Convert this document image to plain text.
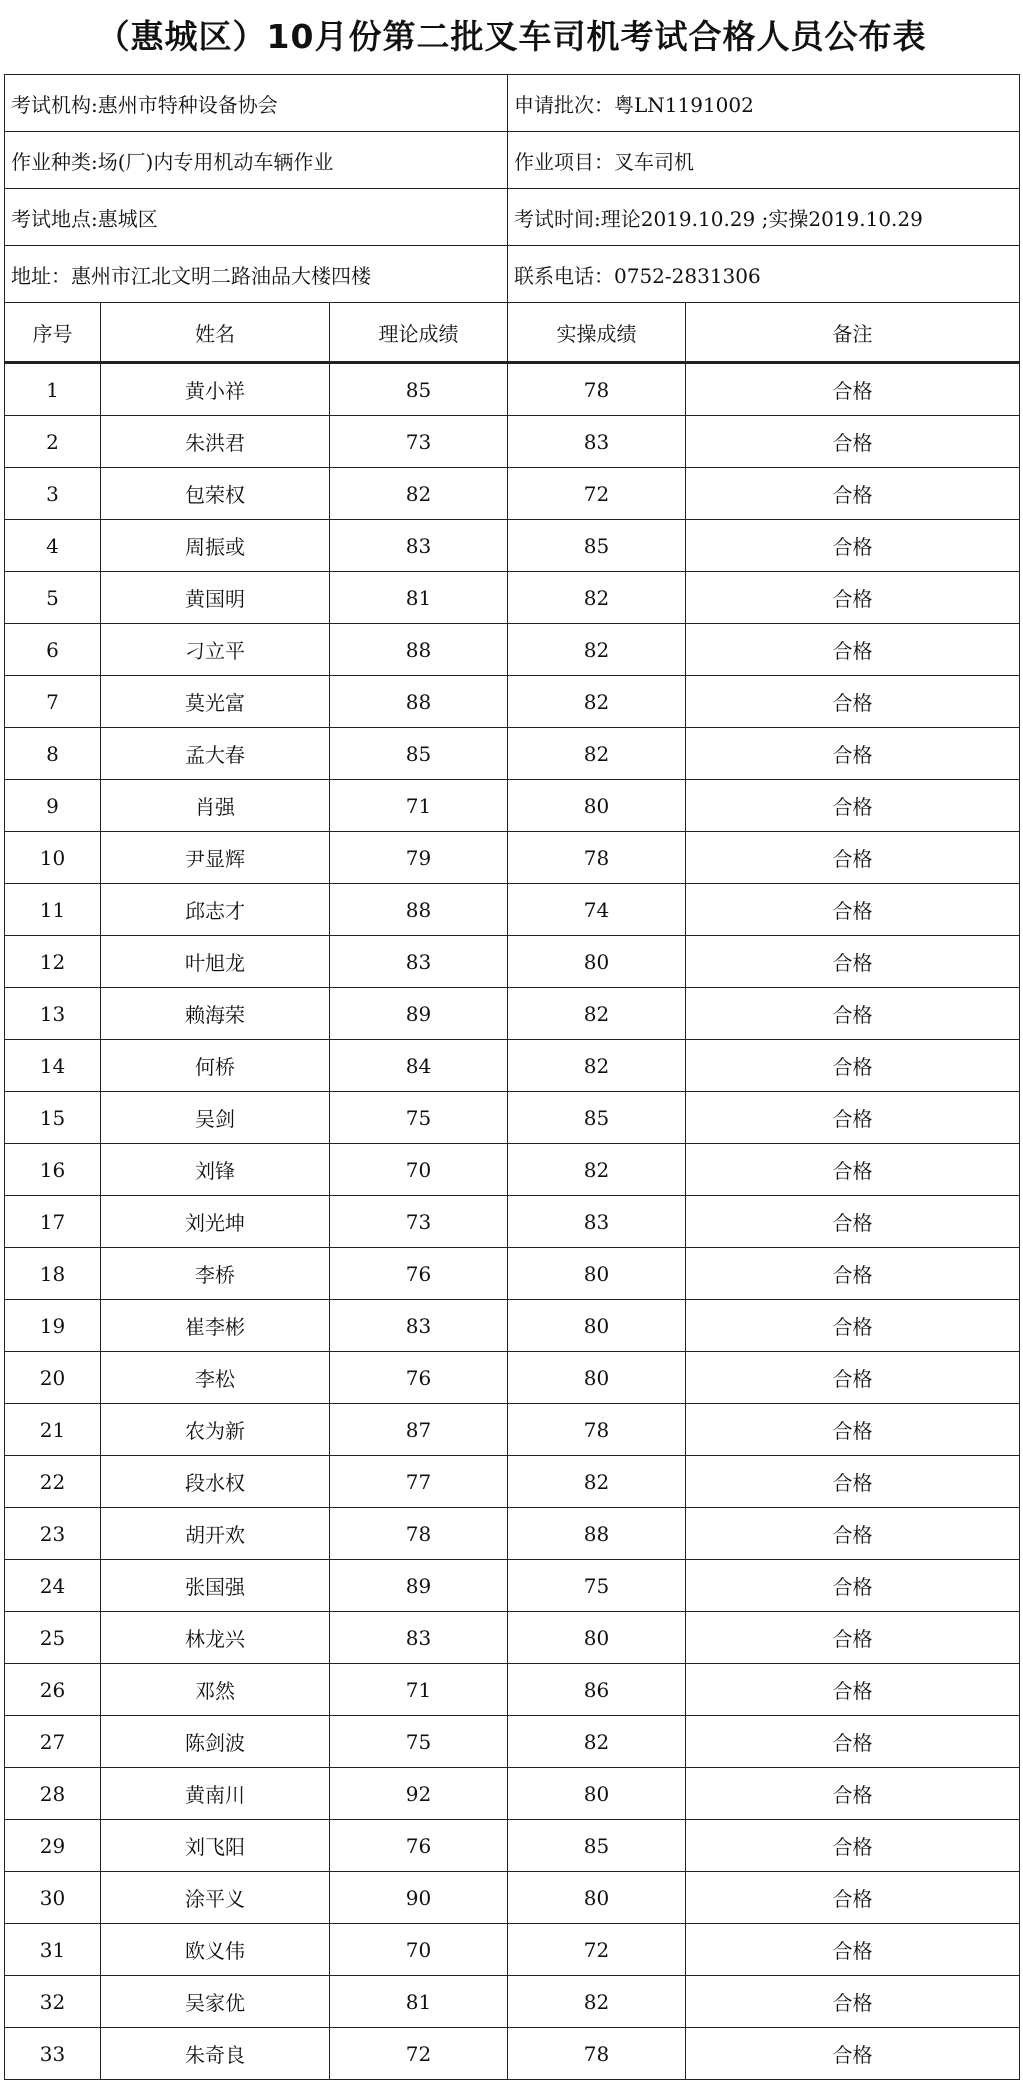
（惠城区）10月份第二批叉车司机考试合格人员公布表
考试机构:惠州市特种设备协会			申请批次：粤LN1191002	
作业种类:场(厂)内专用机动车辆作业			作业项目：叉车司机	
考试地点:惠城区			考试时间:理论2019.10.29 ;实操2019.10.29	
地址：惠州市江北文明二路油品大楼四楼			联系电话：0752-2831306	
序号	姓名	理论成绩	实操成绩	备注
1	黄小祥	85	78	合格
2	朱洪君	73	83	合格
3	包荣权	82	72	合格
4	周振或	83	85	合格
5	黄国明	81	82	合格
6	刁立平	88	82	合格
7	莫光富	88	82	合格
8	孟大春	85	82	合格
9	肖强	71	80	合格
10	尹显辉	79	78	合格
11	邱志才	88	74	合格
12	叶旭龙	83	80	合格
13	赖海荣	89	82	合格
14	何桥	84	82	合格
15	吴剑	75	85	合格
16	刘锋	70	82	合格
17	刘光坤	73	83	合格
18	李桥	76	80	合格
19	崔李彬	83	80	合格
20	李松	76	80	合格
21	农为新	87	78	合格
22	段水权	77	82	合格
23	胡开欢	78	88	合格
24	张国强	89	75	合格
25	林龙兴	83	80	合格
26	邓然	71	86	合格
27	陈剑波	75	82	合格
28	黄南川	92	80	合格
29	刘飞阳	76	85	合格
30	涂平义	90	80	合格
31	欧义伟	70	72	合格
32	吴家优	81	82	合格
33	朱奇良	72	78	合格
